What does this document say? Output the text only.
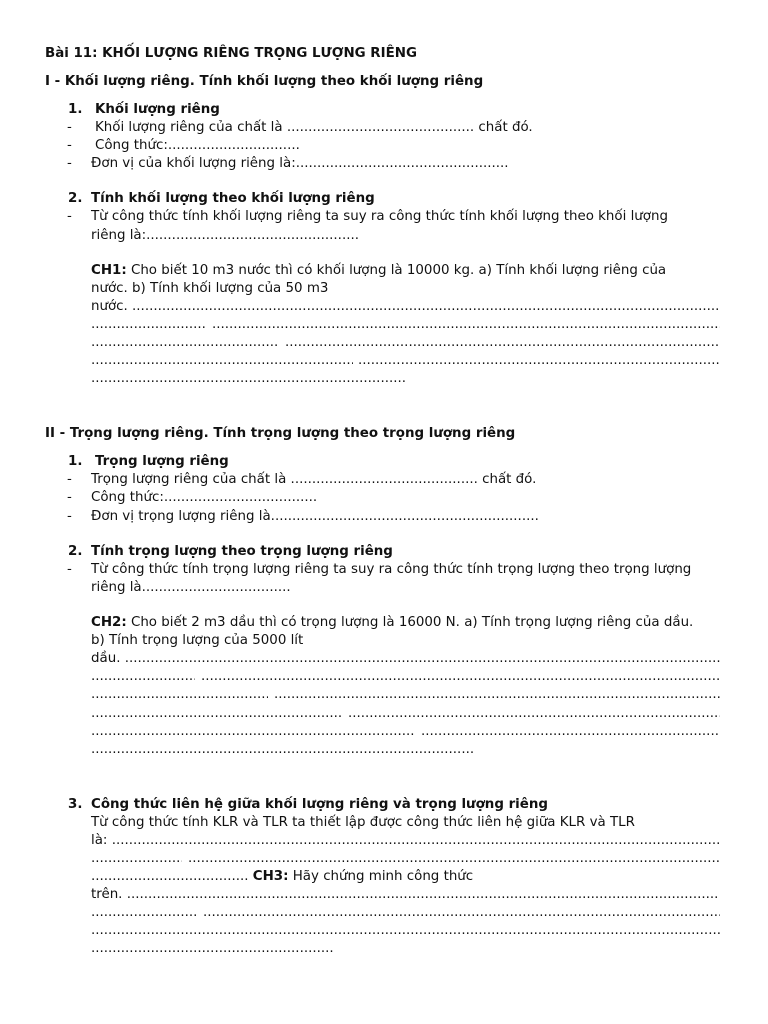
Bài 11: KHỐI LƯỢNG RIÊNG TRỌNG LƯỢNG RIÊNG
I - Khối lượng riêng. Tính khối lượng theo khối lượng riêng
1. Khối lượng riêng
- Khối lượng riêng của chất là ............................................ chất đó.
- Công thức:...............................
- Đơn vị của khối lượng riêng là:..................................................
2. Tính khối lượng theo khối lượng riêng
- Từ công thức tính khối lượng riêng ta suy ra công thức tính khối lượng theo khối lượng
riêng là:..................................................
CH1: Cho biết 10 m3 nước thì có khối lượng là 10000 kg. a) Tính khối lượng riêng của
nước. b) Tính khối lượng của 50 m3
nước. .....
.....
.....
.....
.....
.....
.....
..........................................................................
II - Trọng lượng riêng. Tính trọng lượng theo trọng lượng riêng
1. Trọng lượng riêng
- Trọng lượng riêng của chất là ............................................ chất đó.
- Công thức:....................................
- Đơn vị trọng lượng riêng là...............................................................
2. Tính trọng lượng theo trọng lượng riêng
- Từ công thức tính trọng lượng riêng ta suy ra công thức tính trọng lượng theo trọng lượng
riêng là...................................
CH2: Cho biết 2 m3 dầu thì có trọng lượng là 16000 N. a) Tính trọng lượng riêng của dầu.
b) Tính trọng lượng của 5000 lít
dầu. .....
.....
.....
.....
.....
.....
.....
.....
.....
..........................................................................................
3. Công thức liên hệ giữa khối lượng riêng và trọng lượng riêng
Từ công thức tính KLR và TLR ta thiết lập được công thức liên hệ giữa KLR và TLR
là: .....
.....
.....
..................................... CH3: Hãy chứng minh công thức
trên. .....
.....
.....
.....
.........................................................
